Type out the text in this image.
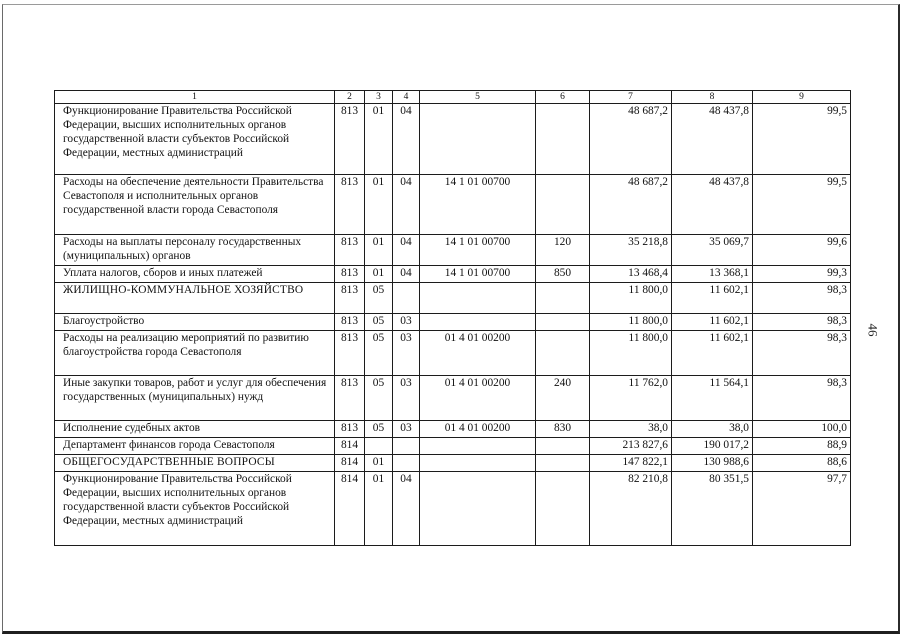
1	2	3	4	5	6	7	8	9
Функционирование Правительства Российской Федерации, высших исполнительных органов государственной власти субъектов Российской Федерации, местных администраций	813	01	04			48 687,2	48 437,8	99,5
Расходы на обеспечение деятельности Правительства Севастополя и исполнительных органов государственной власти города Севастополя	813	01	04	14 1 01 00700		48 687,2	48 437,8	99,5
Расходы на выплаты персоналу государственных (муниципальных) органов	813	01	04	14 1 01 00700	120	35 218,8	35 069,7	99,6
Уплата налогов, сборов и иных платежей	813	01	04	14 1 01 00700	850	13 468,4	13 368,1	99,3
ЖИЛИЩНО-КОММУНАЛЬНОЕ ХОЗЯЙСТВО	813	05				11 800,0	11 602,1	98,3
Благоустройство	813	05	03			11 800,0	11 602,1	98,3
Расходы на реализацию мероприятий по развитию благоустройства города Севастополя	813	05	03	01 4 01 00200		11 800,0	11 602,1	98,3
Иные закупки товаров, работ и услуг для обеспечения государственных (муниципальных) нужд	813	05	03	01 4 01 00200	240	11 762,0	11 564,1	98,3
Исполнение судебных актов	813	05	03	01 4 01 00200	830	38,0	38,0	100,0
Департамент финансов города Севастополя	814					213 827,6	190 017,2	88,9
ОБЩЕГОСУДАРСТВЕННЫЕ ВОПРОСЫ	814	01				147 822,1	130 988,6	88,6
Функционирование Правительства Российской Федерации, высших исполнительных органов государственной власти субъектов Российской Федерации, местных администраций	814	01	04			82 210,8	80 351,5	97,7
46
